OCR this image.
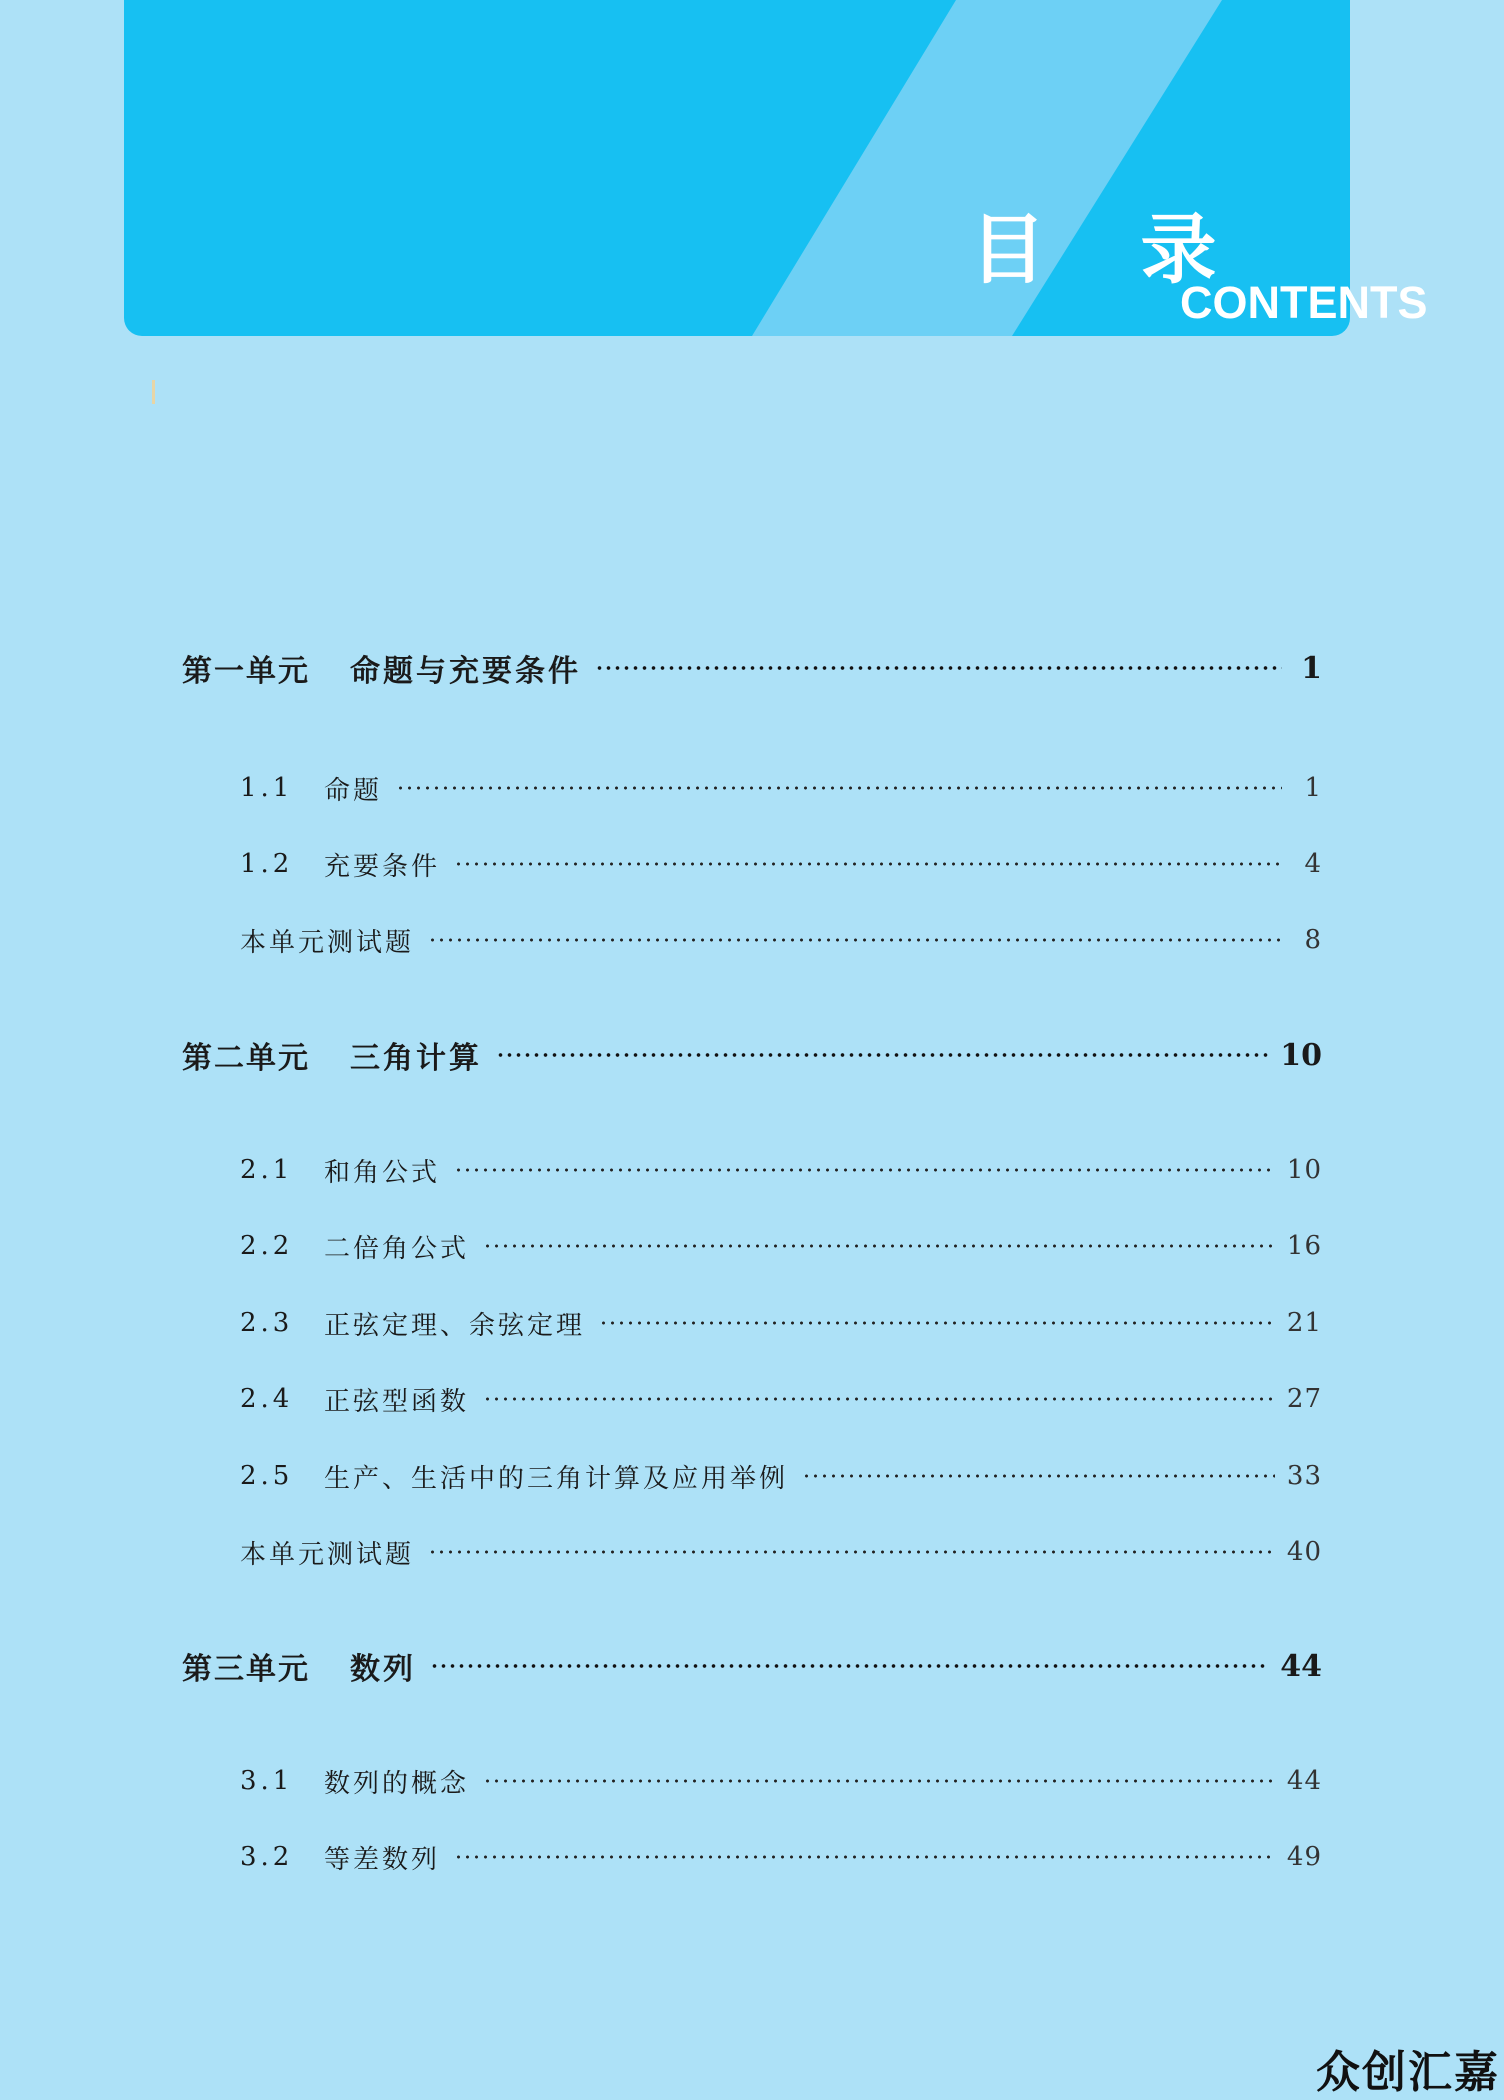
目 录
CONTENTS
第一单元	命题与充要条件	1
1.1	命题	1
1.2	充要条件	4
本单元测试题	8
第二单元	三角计算	10
2.1	和角公式	10
2.2	二倍角公式	16
2.3	正弦定理、余弦定理	21
2.4	正弦型函数	27
2.5	生产、生活中的三角计算及应用举例	33
本单元测试题	40
第三单元	数列	44
3.1	数列的概念	44
3.2	等差数列	49
众创汇嘉
